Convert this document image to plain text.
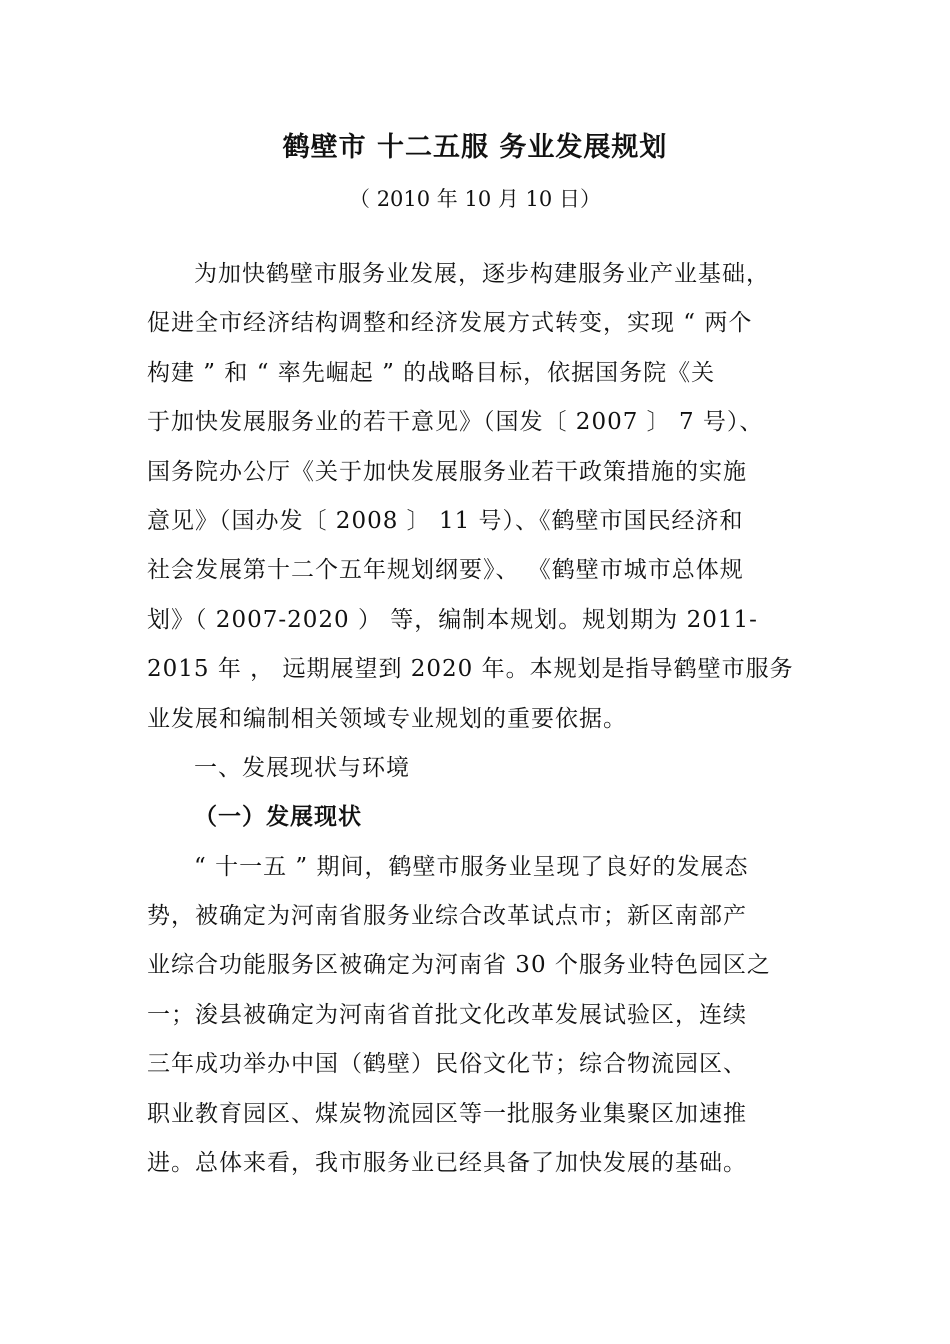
鹤壁市 十二五服 务业发展规划
（ 2010 年 10 月 10 日）
为加快鹤壁市服务业发展，逐步构建服务业产业基础，
促进全市经济结构调整和经济发展方式转变，实现 “ 两个
构建 ” 和 “ 率先崛起 ” 的战略目标，依据国务院《关
于加快发展服务业的若干意见》（国发〔 2007 〕 7 号）、
国务院办公厅《关于加快发展服务业若干政策措施的实施
意见》（国办发〔 2008 〕 11 号）、《鹤壁市国民经济和
社会发展第十二个五年规划纲要》、 《鹤壁市城市总体规
划》（ 2007-2020 ） 等，编制本规划。规划期为 2011-
2015 年 ， 远期展望到 2020 年。本规划是指导鹤壁市服务
业发展和编制相关领域专业规划的重要依据。
一、发展现状与环境
（一）发展现状
“ 十一五 ” 期间，鹤壁市服务业呈现了良好的发展态
势，被确定为河南省服务业综合改革试点市；新区南部产
业综合功能服务区被确定为河南省 30 个服务业特色园区之
一；浚县被确定为河南省首批文化改革发展试验区，连续
三年成功举办中国（鹤壁）民俗文化节；综合物流园区、
职业教育园区、煤炭物流园区等一批服务业集聚区加速推
进。总体来看，我市服务业已经具备了加快发展的基础。
